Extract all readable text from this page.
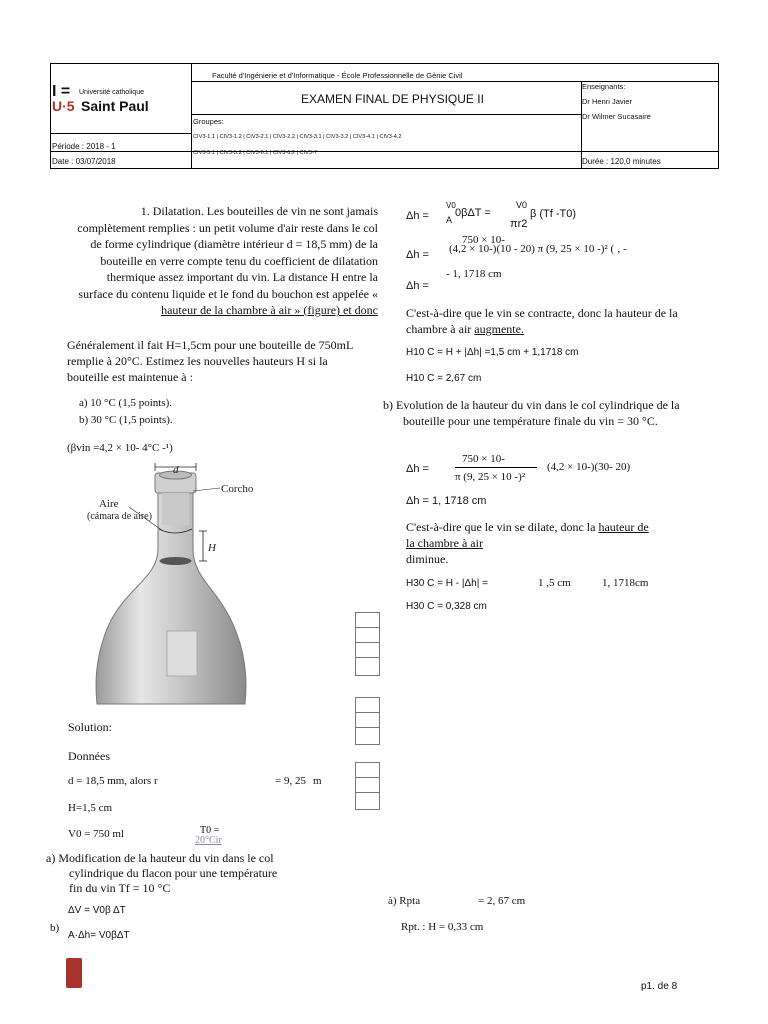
Faculté d'Ingénierie et d'Informatique - École Professionnelle de Génie Civil
I = Université catholique
U·5 Saint Paul	EXAMEN FINAL DE PHYSIQUE II
Enseignants:
Dr Henri Javier
Dr Wilmer Sucasaire
Groupes:
CIV3-1.1 | CIV3-1.2 | CIV3-2.1 | CIV3-2.2 | CIV3-3.1 | CIV3-3.2 | CIV3-4.1 | CIV3-4.2
CIV3-5.1 | CIV3-5.2 | CIV3-6.1 | CIV3-6.2 | CIV3-7
Période : 2018 - 1
Date : 03/07/2018	Durée : 120,0 minutes
1. Dilatation. Les bouteilles de vin ne sont jamais
complètement remplies : un petit volume d'air reste dans le col
de forme cylindrique (diamètre intérieur d = 18,5 mm) de la
bouteille en verre compte tenu du coefficient de dilatation
thermique assez important du vin. La distance H entre la
surface du contenu liquide et le fond du bouchon est appelée «
hauteur de la chambre à air » (figure) et donc
Généralement il fait H=1,5cm pour une bouteille de 750mL
remplie à 20°C. Estimez les nouvelles hauteurs H si la
bouteille est maintenue à :
a) 10 °C (1,5 points).
b) 30 °C (1,5 points).
(βvin =4,2 × 10- 4°C -¹)
d
Aire
(cámara de aire)
Corcho
H
Solution:
Données
d = 18,5 mm, alors r	= 9, 25 m
H=1,5 cm
V0 = 750 ml	T0 =
20°Cir
a) Modification de la hauteur du vin dans le col
cylindrique du flacon pour une température
fin du vin Tf = 10 °C
ΔV = V0β ΔT
b)
A·Δh= V0βΔT
Δh =
V0
A
0βΔT =
V0
πr2
β (Tf -T0)
750 × 10-
Δh = (4,2 × 10-)(10 - 20) π (9, 25 × 10 -)² ( ‚ -
Δh =
- 1, 1718 cm
C'est-à-dire que le vin se contracte, donc la hauteur de la
chambre à air augmente.
H10 C = H + |Δh| =1,5 cm + 1,1718 cm
H10 C = 2,67 cm
b) Evolution de la hauteur du vin dans le col cylindrique de la
bouteille pour une température finale du vin = 30 °C.
750 × 10-
Δh =
π (9, 25 × 10 -)²
(4,2 × 10-)(30- 20)
Δh = 1, 1718 cm
C'est-à-dire que le vin se dilate, donc la hauteur de
la chambre à air
diminue.
H30 C = H - |Δh| =	1 ,5 cm	1, 1718cm
H30 C = 0,328 cm
à) Rpta	= 2, 67 cm
Rpt. : H = 0,33 cm
p1. de 8
